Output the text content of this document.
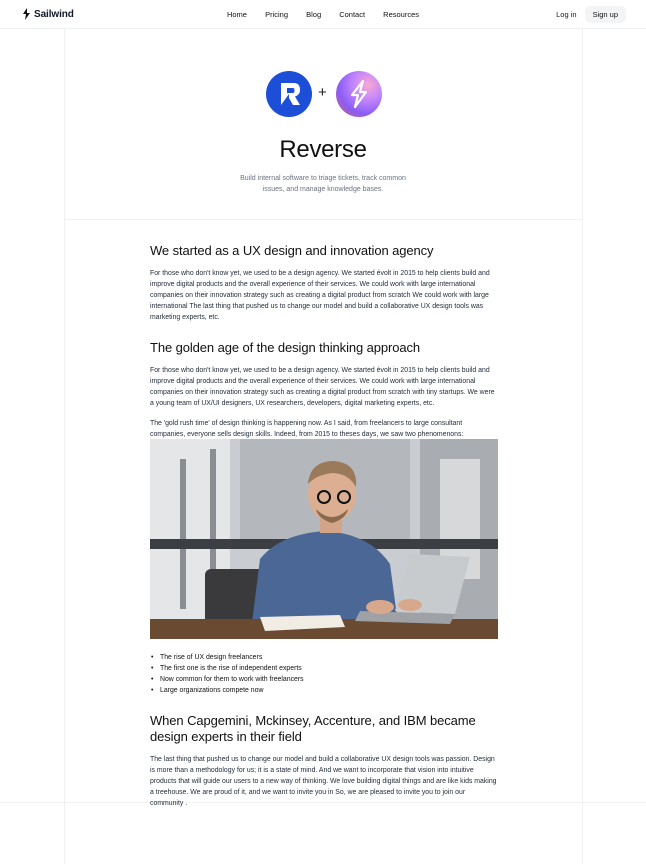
Sailwind	Home Pricing Blog Contact Resources	Log in	Sign up
+
Reverse
Build internal software to triage tickets, track common issues, and manage knowledge bases.
We started as a UX design and innovation agency

For those who don't know yet, we used to be a design agency. We started évolt in 2015 to help clients build and improve digital products and the overall experience of their services. We could work with large international companies on their innovation strategy such as creating a digital product from scratch We could work with large international The last thing that pushed us to change our model and build a collaborative UX design tools was marketing experts, etc.

The golden age of the design thinking approach

For those who don't know yet, we used to be a design agency. We started évolt in 2015 to help clients build and improve digital products and the overall experience of their services. We could work with large international companies on their innovation strategy such as creating a digital product from scratch with tiny startups. We were a young team of UX/UI designers, UX researchers, developers, digital marketing experts, etc.

The 'gold rush time' of design thinking is happening now. As I said, from freelancers to large consultant companies, everyone sells design skills. Indeed, from 2015 to theses days, we saw two phenomenons:

• The rise of UX design freelancers
• The first one is the rise of independent experts
• Now common for them to work with freelancers
• Large organizations compete now
When Capgemini, Mckinsey, Accenture, and IBM became design experts in their field

The last thing that pushed us to change our model and build a collaborative UX design tools was passion. Design is more than a methodology for us; it is a state of mind. And we want to incorporate that vision into intuitive products that will guide our users to a new way of thinking. We love building digital things and are like kids making a treehouse. We are proud of it, and we want to invite you in So, we are pleased to invite you to join our community .
